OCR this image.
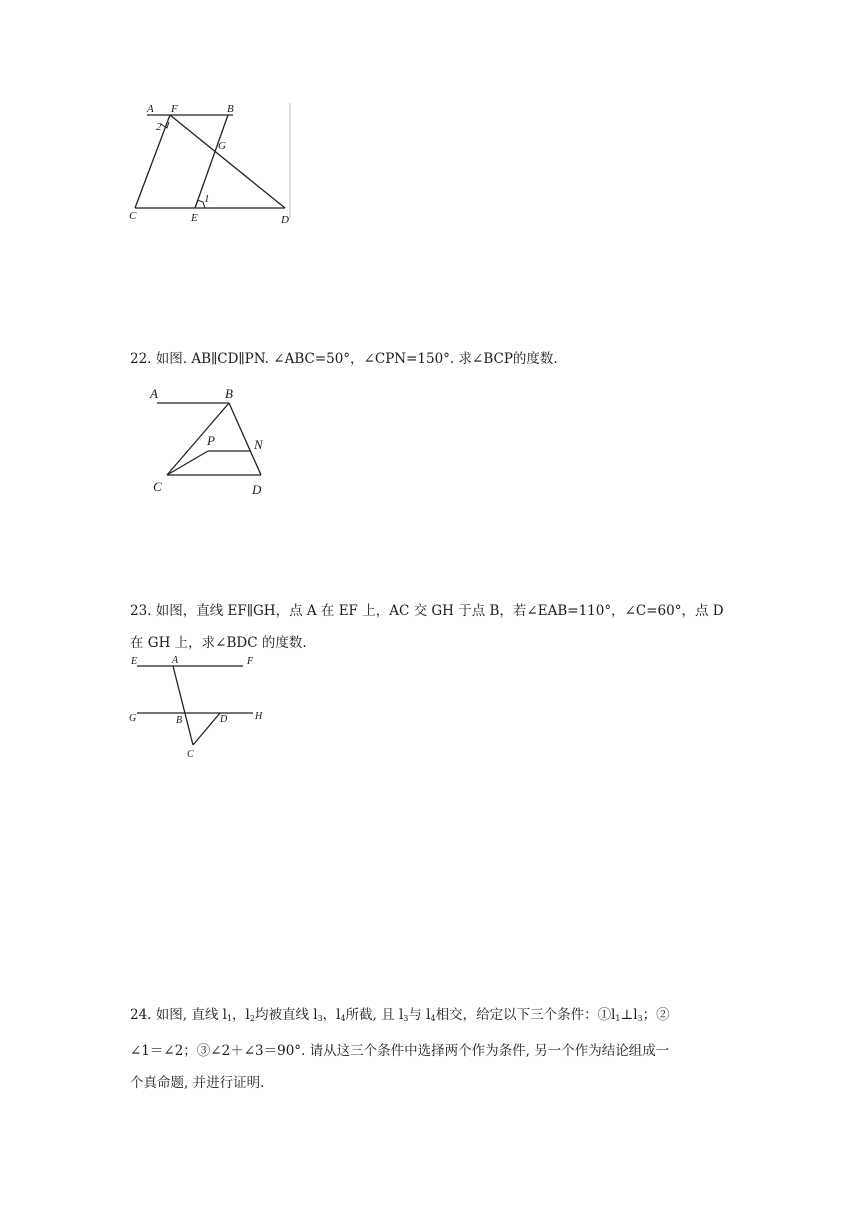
A F	B
2
G
1
C	E	D

22. 如图. AB∥CD∥PN. ∠ABC=50°，∠CPN=150°. 求∠BCP的度数.

A	B
P	N
C	D
23. 如图，直线 EF∥GH，点 A 在 EF 上，AC 交 GH 于点 B，若∠EAB=110°，∠C=60°，点 D
在 GH 上，求∠BDC 的度数.
E	A	F
G	B	D	H
C
24. 如图, 直线 $l_1$，$l_2$均被直线 $l_3$，$l_4$所截, 且 $l_3$与 $l_4$相交，给定以下三个条件：$①l_1\perp l_3$；②
∠1＝∠2；③∠2＋∠3＝90°. 请从这三个条件中选择两个作为条件, 另一个作为结论组成一
个真命题, 并进行证明.
